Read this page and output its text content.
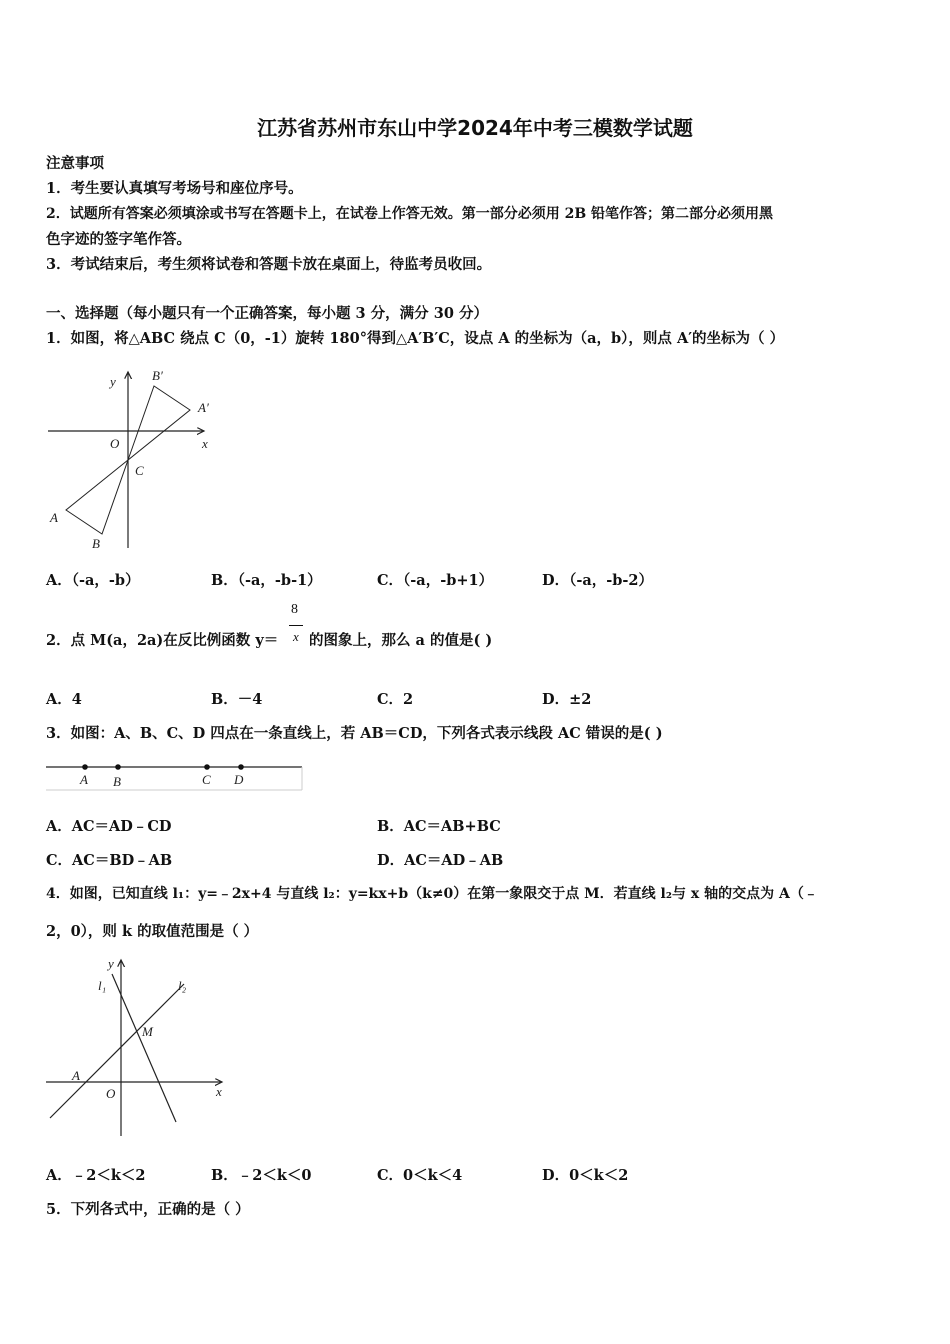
江苏省苏州市东山中学2024年中考三模数学试题
注意事项
1．考生要认真填写考场号和座位序号。
2．试题所有答案必须填涂或书写在答题卡上，在试卷上作答无效。第一部分必须用 2B 铅笔作答；第二部分必须用黑
色字迹的签字笔作答。
3．考试结束后，考生须将试卷和答题卡放在桌面上，待监考员收回。
一、选择题（每小题只有一个正确答案，每小题 3 分，满分 30 分）
1．如图，将△ABC 绕点 C（0，-1）旋转 180°得到△A′B′C，设点 A 的坐标为（a，b），则点 A′的坐标为（ ）
y
x
O
C
A
B
A′
B′
A．（-a，-b）	B．（-a，-b-1）	C．（-a，-b+1）	D．（-a，-b-2）
2．点 M(a，2a)在反比例函数 y＝
8
x 的图象上，那么 a 的值是( )
A．4	B．－4	C．2	D．±2
3．如图：A、B、C、D 四点在一条直线上，若 AB＝CD，下列各式表示线段 AC 错误的是( )
A B	C D
A．AC＝AD﹣CD	B．AC＝AB+BC
C．AC＝BD﹣AB	D．AC＝AD﹣AB
4．如图，已知直线 l₁：y=﹣2x+4 与直线 l₂：y=kx+b（k≠0）在第一象限交于点 M．若直线 l₂与 x 轴的交点为 A（﹣
2，0），则 k 的取值范围是（ ）
y
x
O
A
M
l₁	l₂
A．﹣2＜k＜2	B．﹣2＜k＜0	C．0＜k＜4	D．0＜k＜2
5．下列各式中，正确的是（ ）
